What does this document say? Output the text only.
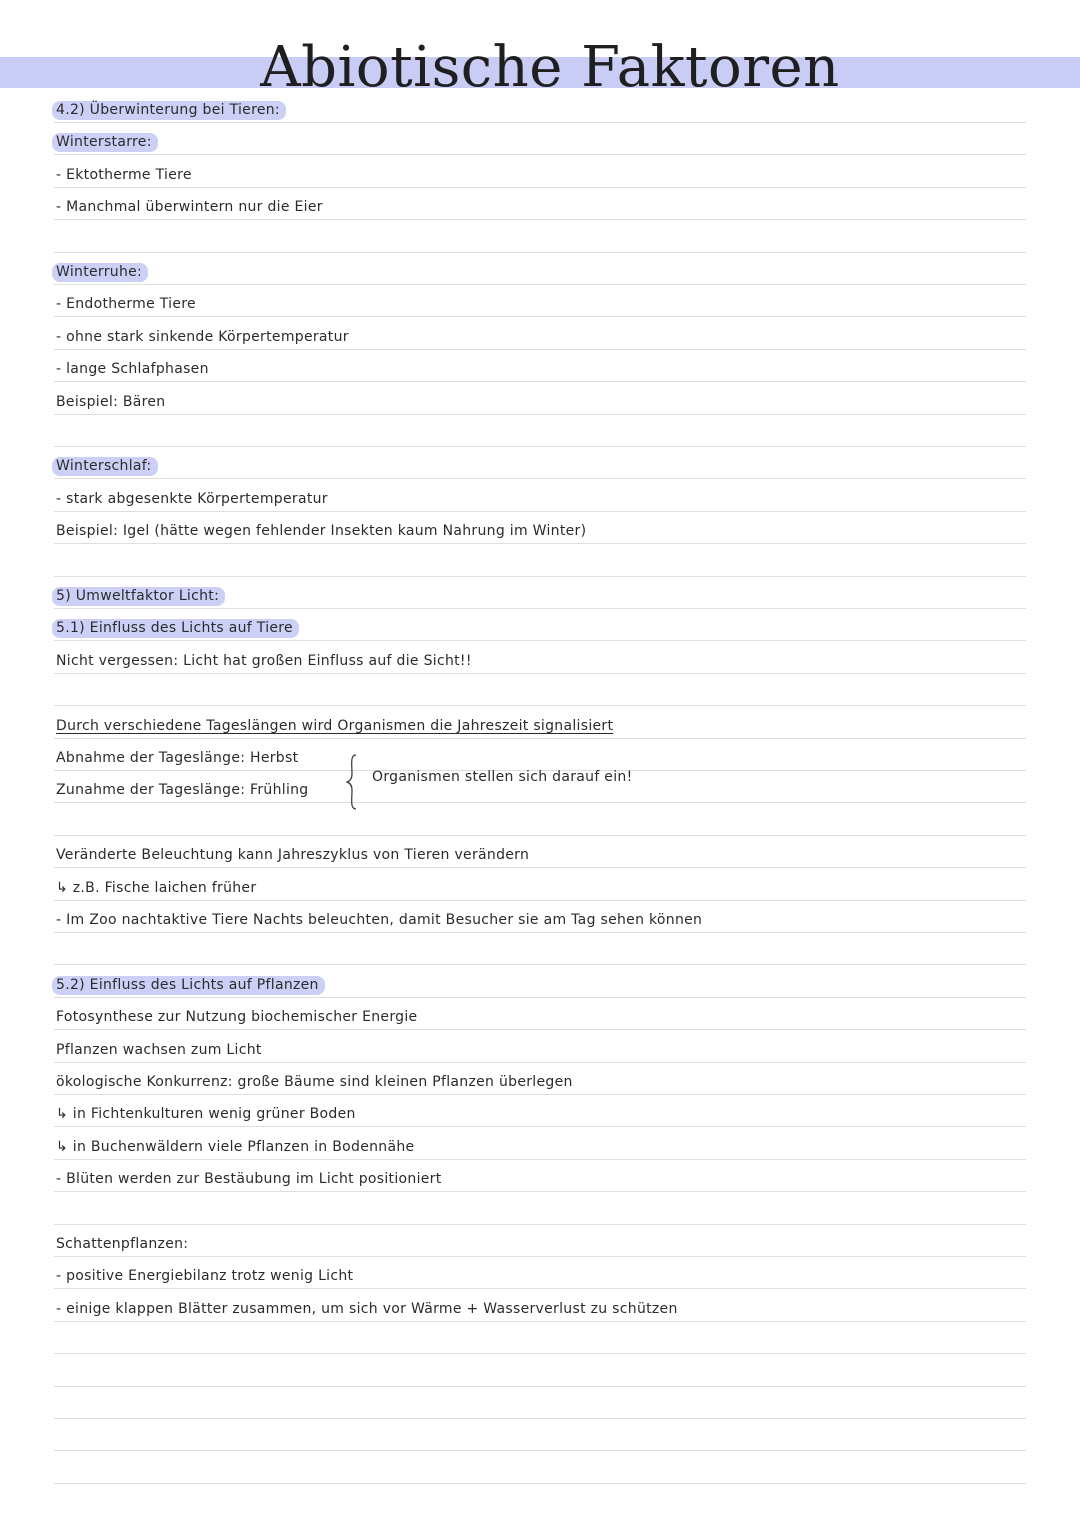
Abiotische Faktoren
4.2) Überwinterung bei Tieren:
Winterstarre:
- Ektotherme Tiere
- Manchmal überwintern nur die Eier
Winterruhe:
- Endotherme Tiere
- ohne stark sinkende Körpertemperatur
- lange Schlafphasen
Beispiel: Bären
Winterschlaf:
- stark abgesenkte Körpertemperatur
Beispiel: Igel (hätte wegen fehlender Insekten kaum Nahrung im Winter)
5) Umweltfaktor Licht:
5.1) Einfluss des Lichts auf Tiere
Nicht vergessen: Licht hat großen Einfluss auf die Sicht!!
Durch verschiedene Tageslängen wird Organismen die Jahreszeit signalisiert
Abnahme der Tageslänge: Herbst
Zunahme der Tageslänge: Frühling
Veränderte Beleuchtung kann Jahreszyklus von Tieren verändern
↳ z.B. Fische laichen früher
- Im Zoo nachtaktive Tiere Nachts beleuchten, damit Besucher sie am Tag sehen können
5.2) Einfluss des Lichts auf Pflanzen
Fotosynthese zur Nutzung biochemischer Energie
Pflanzen wachsen zum Licht
ökologische Konkurrenz: große Bäume sind kleinen Pflanzen überlegen
↳ in Fichtenkulturen wenig grüner Boden
↳ in Buchenwäldern viele Pflanzen in Bodennähe
- Blüten werden zur Bestäubung im Licht positioniert
Schattenpflanzen:
- positive Energiebilanz trotz wenig Licht
- einige klappen Blätter zusammen, um sich vor Wärme + Wasserverlust zu schützen
Organismen stellen sich darauf ein!
